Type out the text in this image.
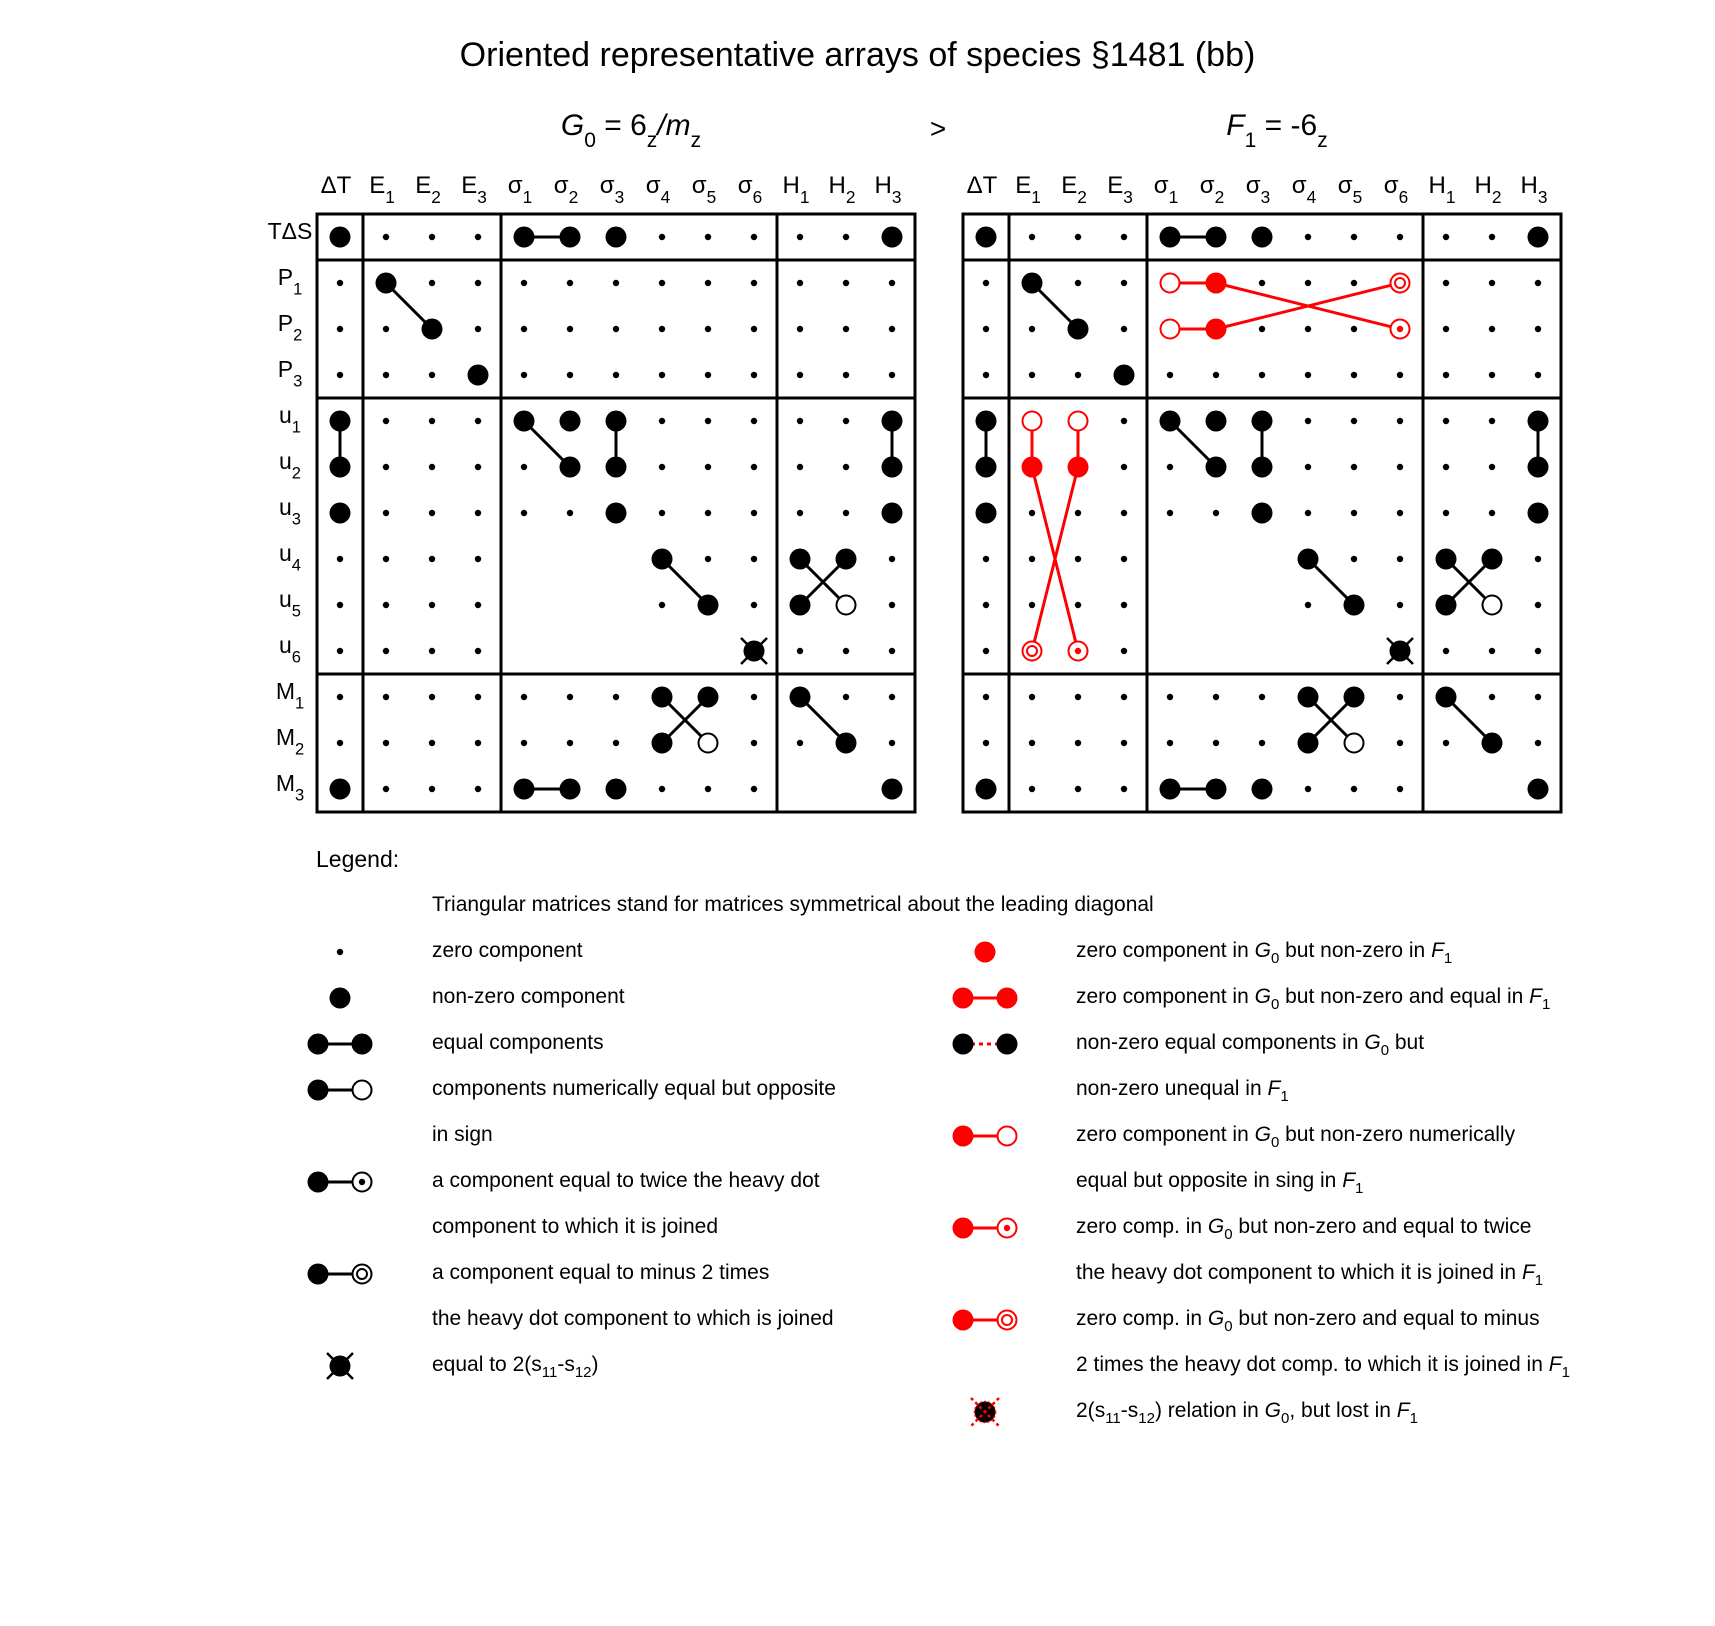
Oriented representative arrays of species §1481 (bb)
$G_0 = 6_z/m_z$
ΔT $E_1$ $E_2$ $E_3$ $\sigma_1$ $\sigma_2$ $\sigma_3$ $\sigma_4$ $\sigma_5$ $\sigma_6$ $H_1$ $H_2$ $H_3$
TΔS
$P_1$
$P_2$
$P_3$
$u_1$
$u_2$
$u_3$
$u_4$
$u_5$
$u_6$
$M_1$
$M_2$
$M_3$
$F_1 = -6_z$
ΔT $E_1$ $E_2$ $E_3$ $\sigma_1$ $\sigma_2$ $\sigma_3$ $\sigma_4$ $\sigma_5$ $\sigma_6$ $H_1$ $H_2$ $H_3$
>
Legend:
Triangular matrices stand for matrices symmetrical about the leading diagonal
zero component
non-zero component
equal components
components numerically equal but opposite
in sign
a component equal to twice the heavy dot
component to which it is joined
a component equal to minus 2 times
the heavy dot component to which is joined
equal to $2(s_{11}-s_{12})$
zero component in $G_0$ but non-zero in $F_1$
zero component in $G_0$ but non-zero and equal in $F_1$
non-zero equal components in $G_0$ but
non-zero unequal in $F_1$
zero component in $G_0$ but non-zero numerically
equal but opposite in sing in $F_1$
zero comp. in $G_0$ but non-zero and equal to twice
the heavy dot component to which it is joined in $F_1$
zero comp. in $G_0$ but non-zero and equal to minus
2 times the heavy dot comp. to which it is joined in $F_1$
$2(s_{11}-s_{12})$ relation in $G_0$, but lost in $F_1$
